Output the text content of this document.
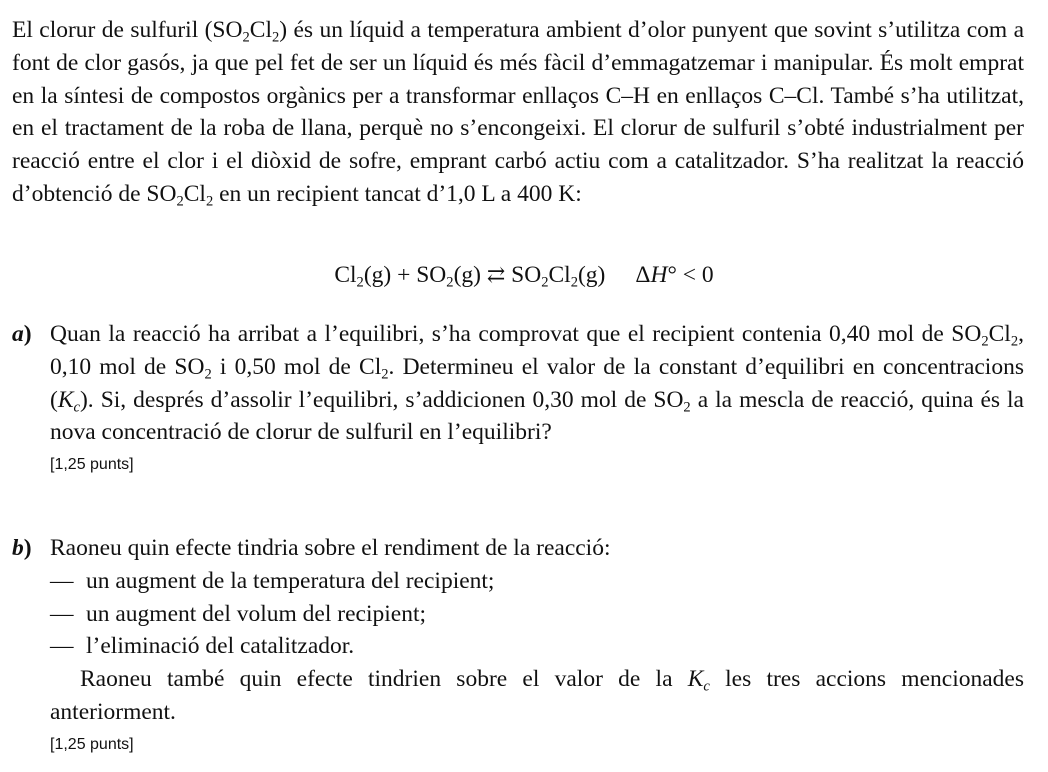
El clorur de sulfuril $(SO_2Cl_2)$ és un líquid a temperatura ambient d’olor punyent que sovint s’utilitza com a font de clor gasós, ja que pel fet de ser un líquid és més fàcil d’emmagatzemar i manipular. És molt emprat en la síntesi de compostos orgànics per a transformar enllaços C–H en enllaços C–Cl. També s’ha utilitzat, en el tractament de la roba de llana, perquè no s’encongeixi. El clorur de sulfuril s’obté industrialment per reacció entre el clor i el diòxid de sofre, emprant carbó actiu com a catalitzador. S’ha realitzat la reacció d’obtenció de $SO_2Cl_2$ en un recipient tancat d’1,0 L a 400 K:
$Cl_2(g) + SO_2(g)$ ⇄ $SO_2Cl_2(g) \Delta H^\circ < 0$
a) Quan la reacció ha arribat a l’equilibri, s’ha comprovat que el recipient contenia 0,40 mol de $SO_2Cl_2$, 0,10 mol de $SO_2$ i 0,50 mol de $Cl_2$. Determineu el valor de la constant d’equilibri en concentracions $(K_c)$. Si, després d’assolir l’equilibri, s’addicionen 0,30 mol de $SO_2$ a la mescla de reacció, quina és la nova concentració de clorur de sulfuril en l’equilibri?
[1,25 punts]
b) Raoneu quin efecte tindria sobre el rendiment de la reacció:
— un augment de la temperatura del recipient;
— un augment del volum del recipient;
— l’eliminació del catalitzador.
Raoneu també quin efecte tindrien sobre el valor de la $K_c$ les tres accions mencionades anteriorment.
[1,25 punts]
